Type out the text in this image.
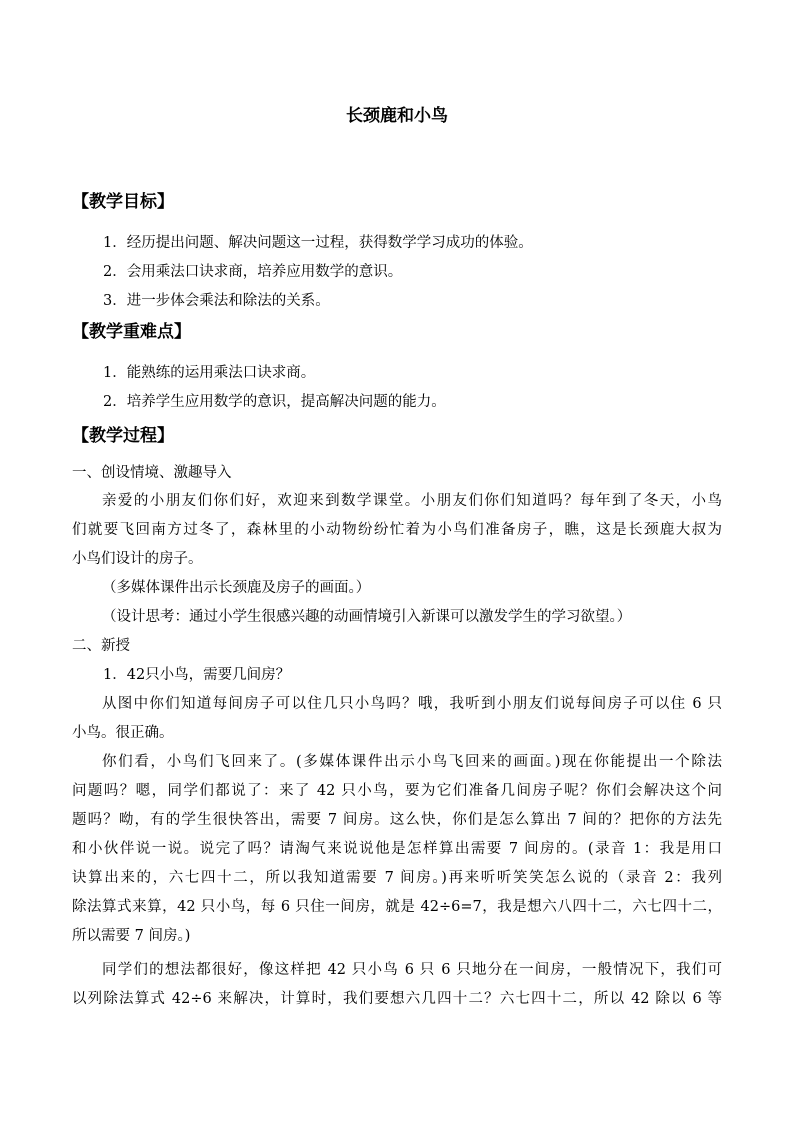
长颈鹿和小鸟
【教学目标】
1．经历提出问题、解决问题这一过程，获得数学学习成功的体验。
2．会用乘法口诀求商，培养应用数学的意识。
3．进一步体会乘法和除法的关系。
【教学重难点】
1．能熟练的运用乘法口诀求商。
2．培养学生应用数学的意识，提高解决问题的能力。
【教学过程】
一、创设情境、激趣导入
亲爱的小朋友们你们好，欢迎来到数学课堂。小朋友们你们知道吗？每年到了冬天，小鸟
们就要飞回南方过冬了，森林里的小动物纷纷忙着为小鸟们准备房子，瞧，这是长颈鹿大叔为
小鸟们设计的房子。
（多媒体课件出示长颈鹿及房子的画面。）
（设计思考：通过小学生很感兴趣的动画情境引入新课可以激发学生的学习欲望。）
二、新授
1．42只小鸟，需要几间房？
从图中你们知道每间房子可以住几只小鸟吗？哦，我听到小朋友们说每间房子可以住 6 只
小鸟。很正确。
你们看，小鸟们飞回来了。(多媒体课件出示小鸟飞回来的画面。)现在你能提出一个除法
问题吗？嗯，同学们都说了：来了 42 只小鸟，要为它们准备几间房子呢？你们会解决这个问
题吗？呦，有的学生很快答出，需要 7 间房。这么快，你们是怎么算出 7 间的？把你的方法先
和小伙伴说一说。说完了吗？请淘气来说说他是怎样算出需要 7 间房的。(录音 1：我是用口
诀算出来的，六七四十二，所以我知道需要 7 间房。)再来听听笑笑怎么说的（录音 2：我列
除法算式来算，42 只小鸟，每 6 只住一间房，就是 42÷6=7，我是想六八四十二，六七四十二，
所以需要 7 间房。)
同学们的想法都很好，像这样把 42 只小鸟 6 只 6 只地分在一间房，一般情况下，我们可
以列除法算式 42÷6 来解决，计算时，我们要想六几四十二？六七四十二，所以 42 除以 6 等
